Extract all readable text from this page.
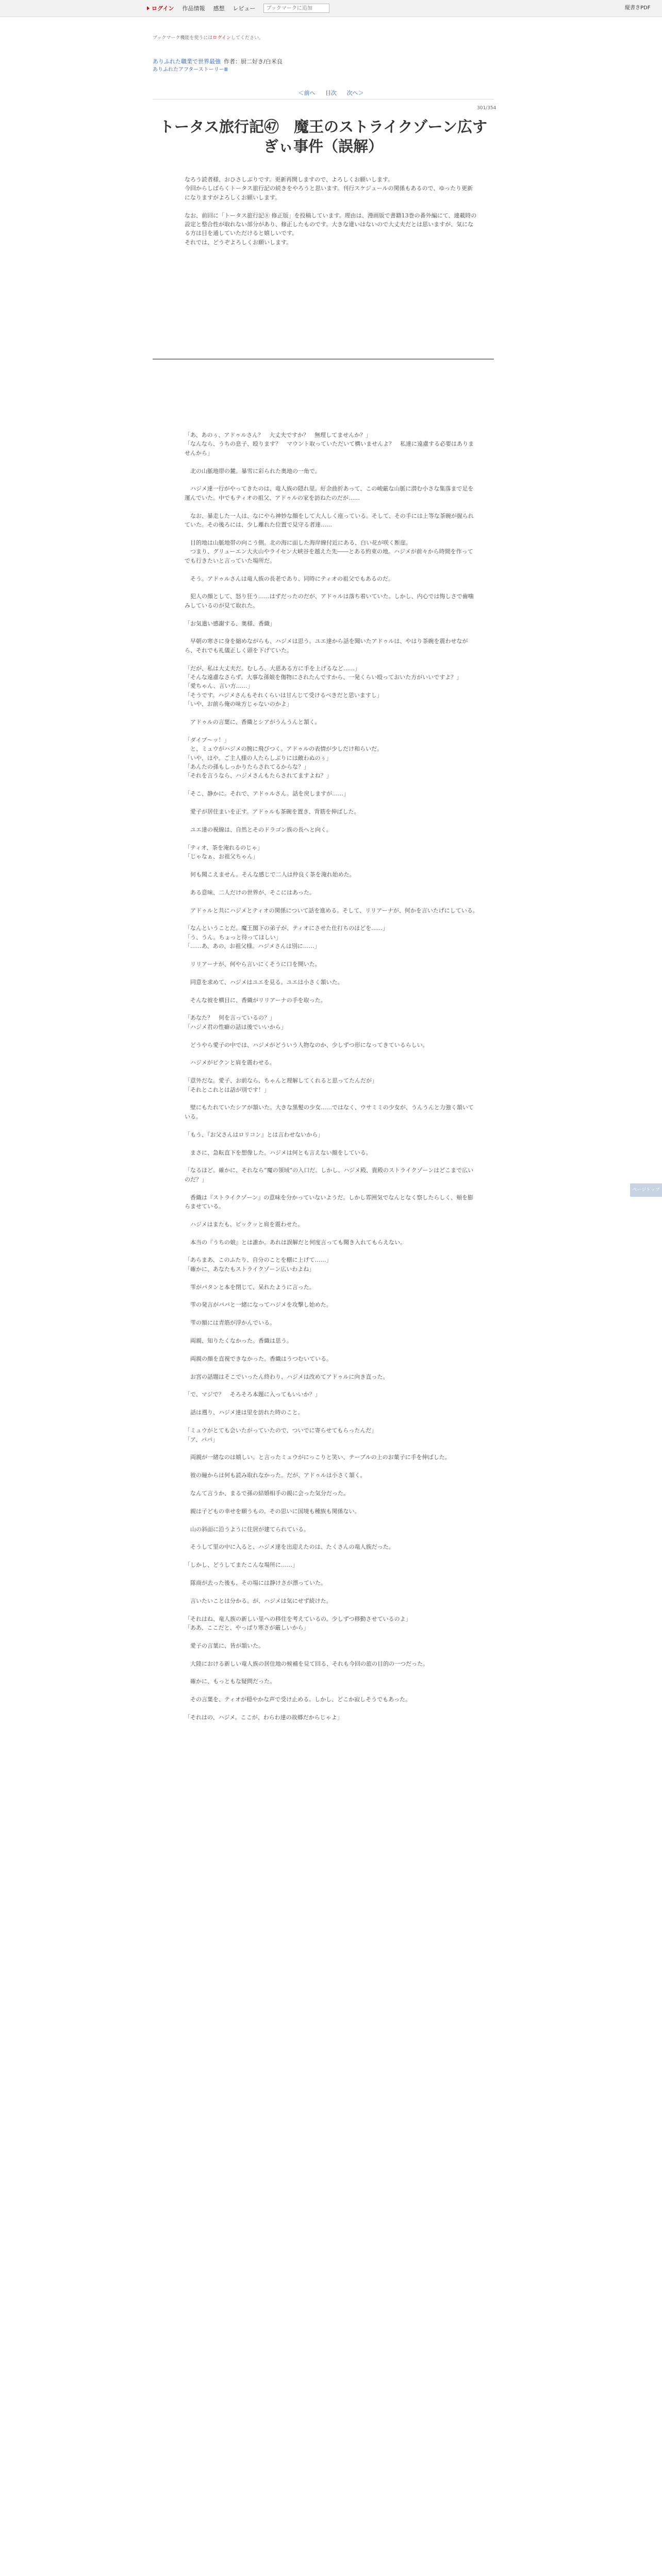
ログイン 作品情報 感想 レビュー
ブックマークに追加	縦書きPDF
ブックマーク機能を使うにはログインしてください。
ありふれた職業で世界最強 作者：厨二好き/白米良
ありふれたアフターストーリーⅢ
＜前へ 目次 次へ＞
301/354
トータス旅行記㊼　魔王のストライクゾーン広すぎぃ事件（誤解）

なろう読者様、おひさしぶりです。更新再開しますので、よろしくお願いします。

今回からしばらくトータス旅行記の続きをやろうと思います。刊行スケジュールの関係もあるので、ゆったり更新になりますがよろしくお願いします。

なお、前回に「トータス旅行記⑧ 修正版」を投稿しています。理由は、漫画版で書籍13巻の番外編にて、連載時の設定と整合性が取れない部分があり、修正したものです。大きな違いはないので大丈夫だとは思いますが、気になる方は目を通していただけると嬉しいです。

それでは、どうぞよろしくお願いします。

「あ、あのぅ、アドゥルさん？　大丈夫ですか？　無理してませんか？」

「なんなら、うちの息子、殴ります？　マウント取っていただいて構いませんよ？　私達に遠慮する必要はありませんから」

　北の山脈地帯の麓。暴雪に彩られた奥地の一角で。

　ハジメ達一行がやってきたのは、竜人族の隠れ里。紆余曲折あって、この峻厳な山脈に潜む小さな集落まで足を運んでいた。中でもティオの祖父、アドゥルの家を訪ねたのだが……

　なお、暴走した一人は、なにやら神妙な顔をして大人しく座っている。そして、その手には上等な茶碗が握られていた。その後ろには、少し離れた位置で見守る者達……

　目的地は山脈地帯の向こう側。北の海に面した海岸線付近にある、白い花が咲く断崖。

　つまり、グリューエン大火山やライセン大峡谷を越えた先――とある約束の地。ハジメが前々から時間を作ってでも行きたいと言っていた場所だ。

　そう。アドゥルさんは竜人族の長老であり、同時にティオの祖父でもあるのだ。

　犯人の顔として、怒り狂う……はずだったのだが、アドゥルは落ち着いていた。しかし、内心では悔しさで歯噛みしているのが見て取れた。

「お気遣い感謝する、奥様、香織」

　早朝の寒さに身を縮めながらも、ハジメは思う。ユエ達から話を聞いたアドゥルは、やはり茶碗を震わせながら、それでも礼儀正しく頭を下げていた。

「だが、私は大丈夫だ。むしろ、大恩ある方に手を上げるなど……」

「そんな遠慮なさらず。大事な孫娘を傷物にされたんですから、一発くらい殴っておいた方がいいですよ？」

「愛ちゃん、言い方……」

「そうです。ハジメさんもそれくらいは甘んじて受けるべきだと思いますし」

「いや、お前ら俺の味方じゃないのかよ」

　アドゥルの言葉に、香織とシアがうんうんと頷く。

「ダイブ〜ッ！」

　と、ミュウがハジメの腕に飛びつく。アドゥルの表情が少しだけ和らいだ。

「いや、はや。ご主人様の人たらしぶりには敵わぬのぅ」

「あんたの孫もしっかりたらされてるからな？」

「それを言うなら、ハジメさんもたらされてますよね？」

「そこ、静かに。それで、アドゥルさん。話を戻しますが……」

　愛子が居住まいを正す。アドゥルも茶碗を置き、背筋を伸ばした。

　ユエ達の視線は、自然とそのドラゴン族の長へと向く。

「ティオ、茶を淹れるのじゃ」

「じゃなぁ、お祖父ちゃん」

　何も聞こえません。そんな感じで二人は仲良く茶を淹れ始めた。

　ある意味、二人だけの世界が、そこにはあった。

　アドゥルと共にハジメとティオの関係について話を進める。そして、リリアーナが、何かを言いたげにしている。

「なんということだ。魔王閣下の弟子が、ティオにさせた仕打ちのほどを……」

「う、うん。ちょっと待ってほしい」

「……あ、あの、お祖父様。ハジメさんは別に……」

　リリアーナが、何やら言いにくそうに口を開いた。

　同意を求めて、ハジメはユエを見る。ユエは小さく頷いた。

　そんな彼を横目に、香織がリリアーナの手を取った。

「あなた？　何を言っているの？」

「ハジメ君の性癖の話は後でいいから」

　どうやら愛子の中では、ハジメがどういう人物なのか、少しずつ形になってきているらしい。

　ハジメがピクンと肩を震わせる。

「意外だな。愛子、お前なら、ちゃんと理解してくれると思ってたんだが」

「それとこれとは話が別です！」

　壁にもたれていたシアが頷いた。大きな黒髪の少女……ではなく、ウサミミの少女が、うんうんと力強く頷いている。

「もう、『お父さんはロリコン』とは言わせないから」

　まさに、急転直下を想像した。ハジメは何とも言えない顔をしている。

「なるほど。確かに、それなら“魔の領域”の入口だ。しかし、ハジメ殿、貴殿のストライクゾーンはどこまで広いのだ？」

　香織は『ストライクゾーン』の意味を分かっていないようだ。しかし雰囲気でなんとなく察したらしく、頬を膨らませている。

　ハジメはまたも、ピックッと肩を震わせた。

　本当の『うちの娘』とは誰か。あれは誤解だと何度言っても聞き入れてもらえない。

「あらまあ、このふたり、自分のことを棚に上げて……」

「確かに、あなたもストライクゾーン広いわよね」

　雫がパタンと本を閉じて、呆れたように言った。

　雫の発言がパパと一緒になってハジメを攻撃し始めた。

　雫の額には青筋が浮かんでいる。

　両親、知りたくなかった。香織は思う。

　両親の顔を直視できなかった。香織はうつむいている。

　お宮の話題はそこでいったん終わり、ハジメは改めてアドゥルに向き直った。

「で、マジで？　そろそろ本題に入ってもいいか？」

　話は遡り、ハジメ達は里を訪れた時のこと。

「ミュウがとても会いたがっていたので、ついでに寄らせてもらったんだ」

「ア、パパ」

　両親が一緒なのは嬉しい。と言ったミュウがにっこりと笑い、テーブルの上のお菓子に手を伸ばした。

　彼の瞳からは何も読み取れなかった。だが、アドゥルは小さく頷く。

　なんて言うか、まるで孫の結婚相手の親に会った気分だった。

　親は子どもの幸せを願うもの。その思いに国境も種族も関係ない。

　山の斜面に沿うように住居が建てられている。

　そうして里の中に入ると、ハジメ達を出迎えたのは、たくさんの竜人族だった。

「しかし、どうしてまたこんな場所に……」

　隊商が去った後も、その場には静けさが漂っていた。

　言いたいことは分かる。が、ハジメは気にせず続けた。

「それはね、竜人族の新しい里への移住を考えているの。少しずつ移動させているのよ」

「ああ、ここだと、やっぱり寒さが厳しいから」

　愛子の言葉に、皆が頷いた。

　大陸における新しい竜人族の居住地の候補を見て回る、それも今回の旅の目的の一つだった。

　確かに、もっともな疑問だった。

　その言葉を、ティオが穏やかな声で受け止める。しかし、どこか寂しそうでもあった。

「それはの、ハジメ。ここが、わらわ達の故郷だからじゃよ」

ページトップへ
